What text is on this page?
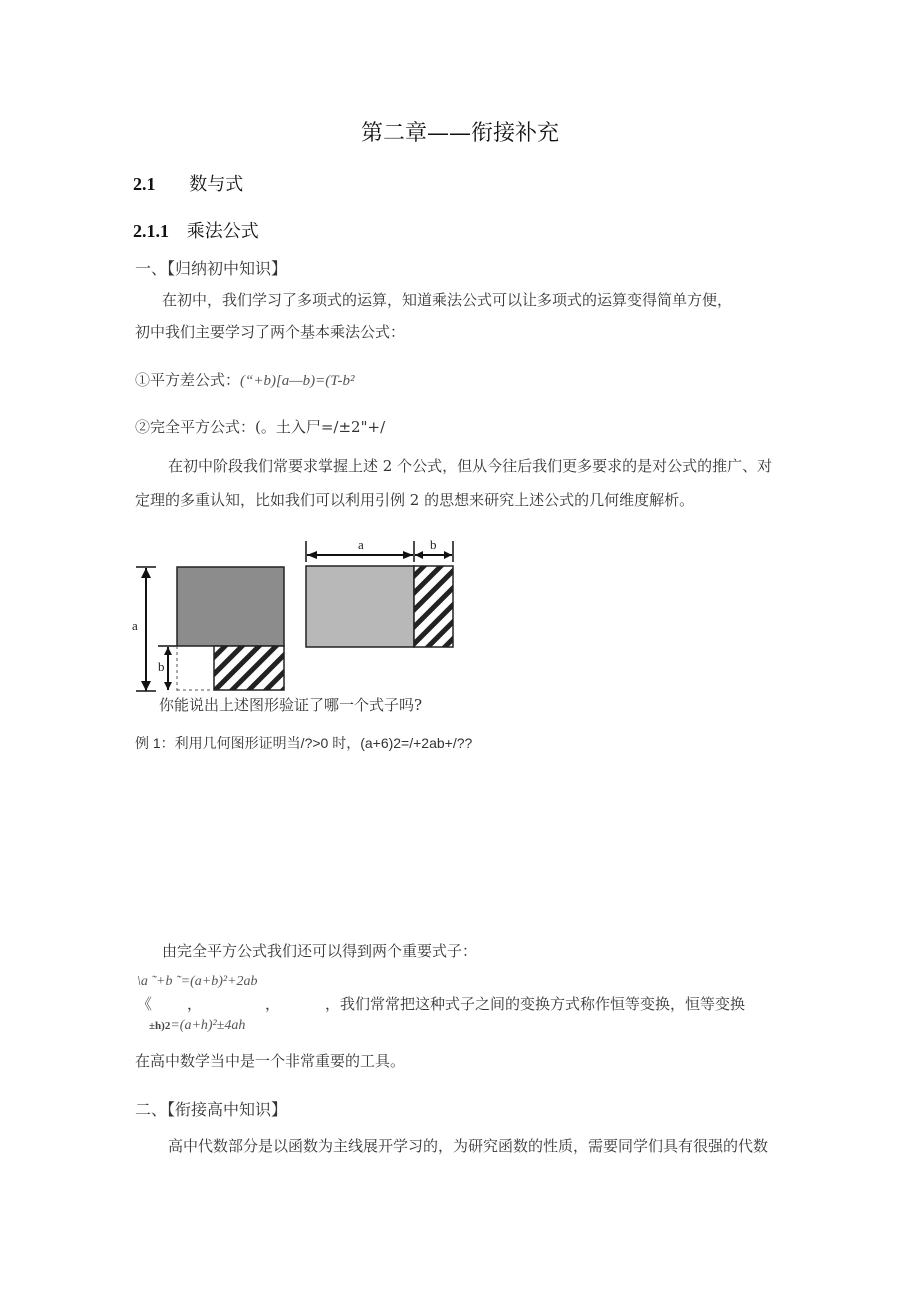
第二章——衔接补充
2.1 数与式
2.1.1 乘法公式
一、【归纳初中知识】
在初中，我们学习了多项式的运算，知道乘法公式可以让多项式的运算变得简单方便，
初中我们主要学习了两个基本乘法公式：
①平方差公式：(“+b)[a—b)=(T-b²
②完全平方公式：(。土入尸=/±2"+/
在初中阶段我们常要求掌握上述 2 个公式，但从今往后我们更多要求的是对公式的推广、对
定理的多重认知，比如我们可以利用引例 2 的思想来研究上述公式的几何维度解析。
a
b
a	b
你能说出上述图形验证了哪一个式子吗?
例 1：利用几何图形证明当/?>0 时，(a+6)2=/+2ab+/??
由完全平方公式我们还可以得到两个重要式子：
\a ˜+b ˜=(a+b)²+2ab
《 ，	，	，我们常常把这种式子之间的变换方式称作恒等变换，恒等变换
±h)2=(a+h)²±4ah
在高中数学当中是一个非常重要的工具。
二、【衔接高中知识】
高中代数部分是以函数为主线展开学习的，为研究函数的性质，需要同学们具有很强的代数
